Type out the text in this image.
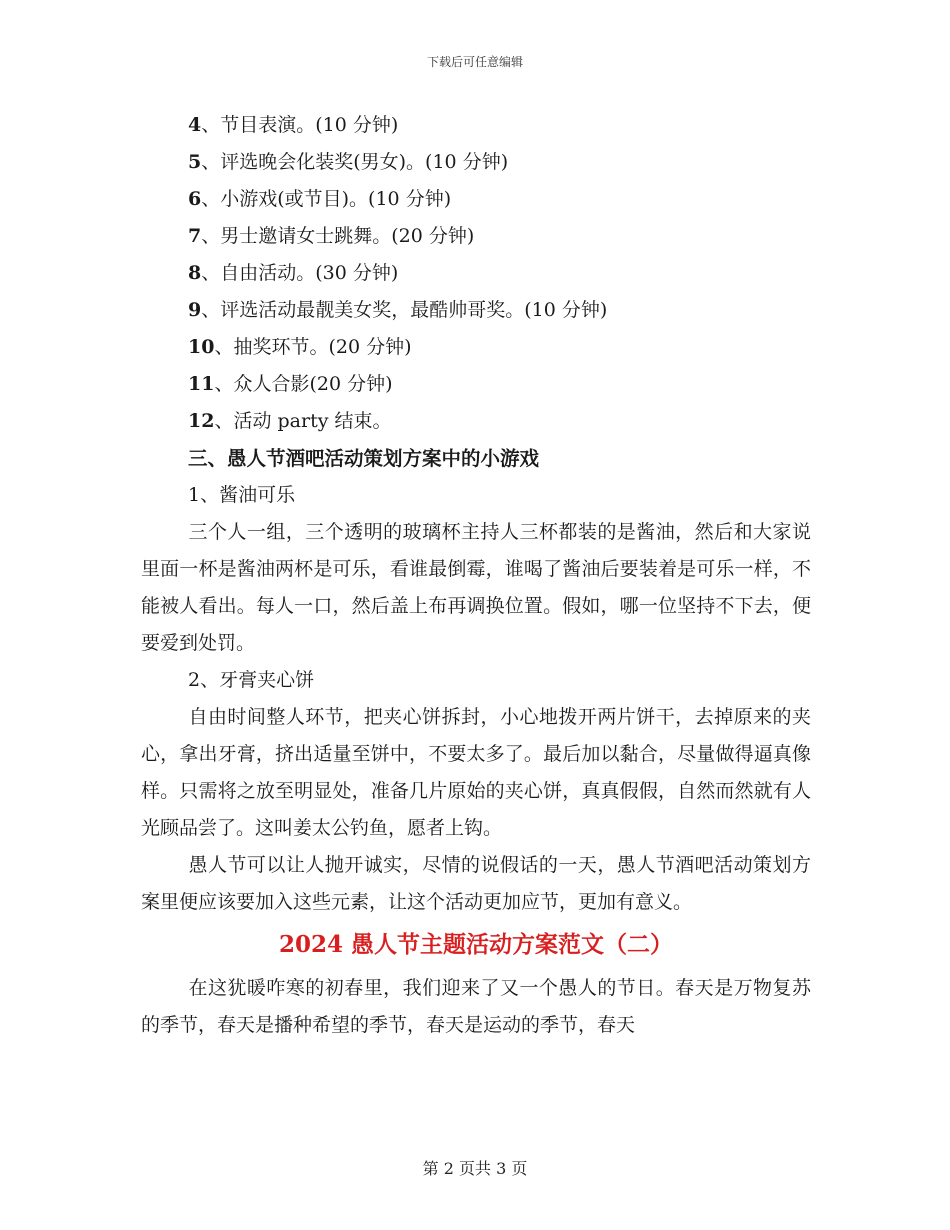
下载后可任意编辑
4、节目表演。(10 分钟)
5、评选晚会化装奖(男女)。(10 分钟)
6、小游戏(或节目)。(10 分钟)
7、男士邀请女士跳舞。(20 分钟)
8、自由活动。(30 分钟)
9、评选活动最靓美女奖，最酷帅哥奖。(10 分钟)
10、抽奖环节。(20 分钟)
11、众人合影(20 分钟)
12、活动 party 结束。
三、愚人节酒吧活动策划方案中的小游戏
1、酱油可乐

三个人一组，三个透明的玻璃杯主持人三杯都装的是酱油，然后和大家说里面一杯是酱油两杯是可乐，看谁最倒霉，谁喝了酱油后要装着是可乐一样，不能被人看出。每人一口，然后盖上布再调换位置。假如，哪一位坚持不下去，便要爱到处罚。

2、牙膏夹心饼

自由时间整人环节，把夹心饼拆封，小心地拨开两片饼干，去掉原来的夹心，拿出牙膏，挤出适量至饼中，不要太多了。最后加以黏合，尽量做得逼真像样。只需将之放至明显处，准备几片原始的夹心饼，真真假假，自然而然就有人光顾品尝了。这叫姜太公钓鱼，愿者上钩。

愚人节可以让人抛开诚实，尽情的说假话的一天，愚人节酒吧活动策划方案里便应该要加入这些元素，让这个活动更加应节，更加有意义。

2024 愚人节主题活动方案范文（二）

在这犹暖咋寒的初春里，我们迎来了又一个愚人的节日。春天是万物复苏的季节，春天是播种希望的季节，春天是运动的季节，春天

第 2 页共 3 页
